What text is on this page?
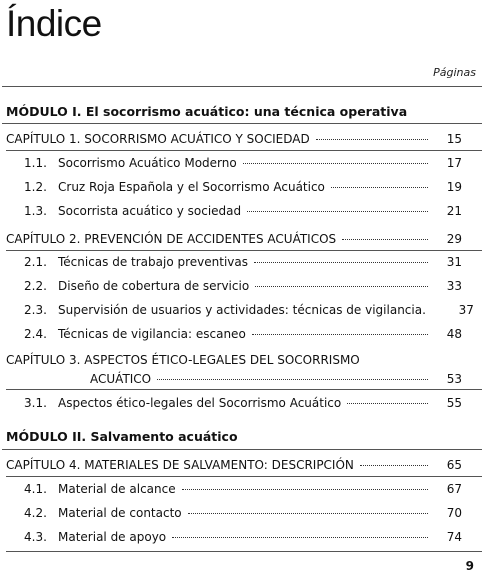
Índice
Páginas
MÓDULO I. El socorrismo acuático: una técnica operativa
CAPÍTULO 1. SOCORRISMO ACUÁTICO Y SOCIEDAD	15
1.1. Socorrismo Acuático Moderno	17
1.2. Cruz Roja Española y el Socorrismo Acuático	19
1.3. Socorrista acuático y sociedad	21
CAPÍTULO 2. PREVENCIÓN DE ACCIDENTES ACUÁTICOS	29
2.1. Técnicas de trabajo preventivas	31
2.2. Diseño de cobertura de servicio	33
2.3. Supervisión de usuarios y actividades: técnicas de vigilancia.	37
2.4. Técnicas de vigilancia: escaneo	48
CAPÍTULO 3. ASPECTOS ÉTICO-LEGALES DEL SOCORRISMO
ACUÁTICO	53
3.1. Aspectos ético-legales del Socorrismo Acuático	55
MÓDULO II. Salvamento acuático
CAPÍTULO 4. MATERIALES DE SALVAMENTO: DESCRIPCIÓN	65
4.1. Material de alcance	67
4.2. Material de contacto	70
4.3. Material de apoyo	74
9
